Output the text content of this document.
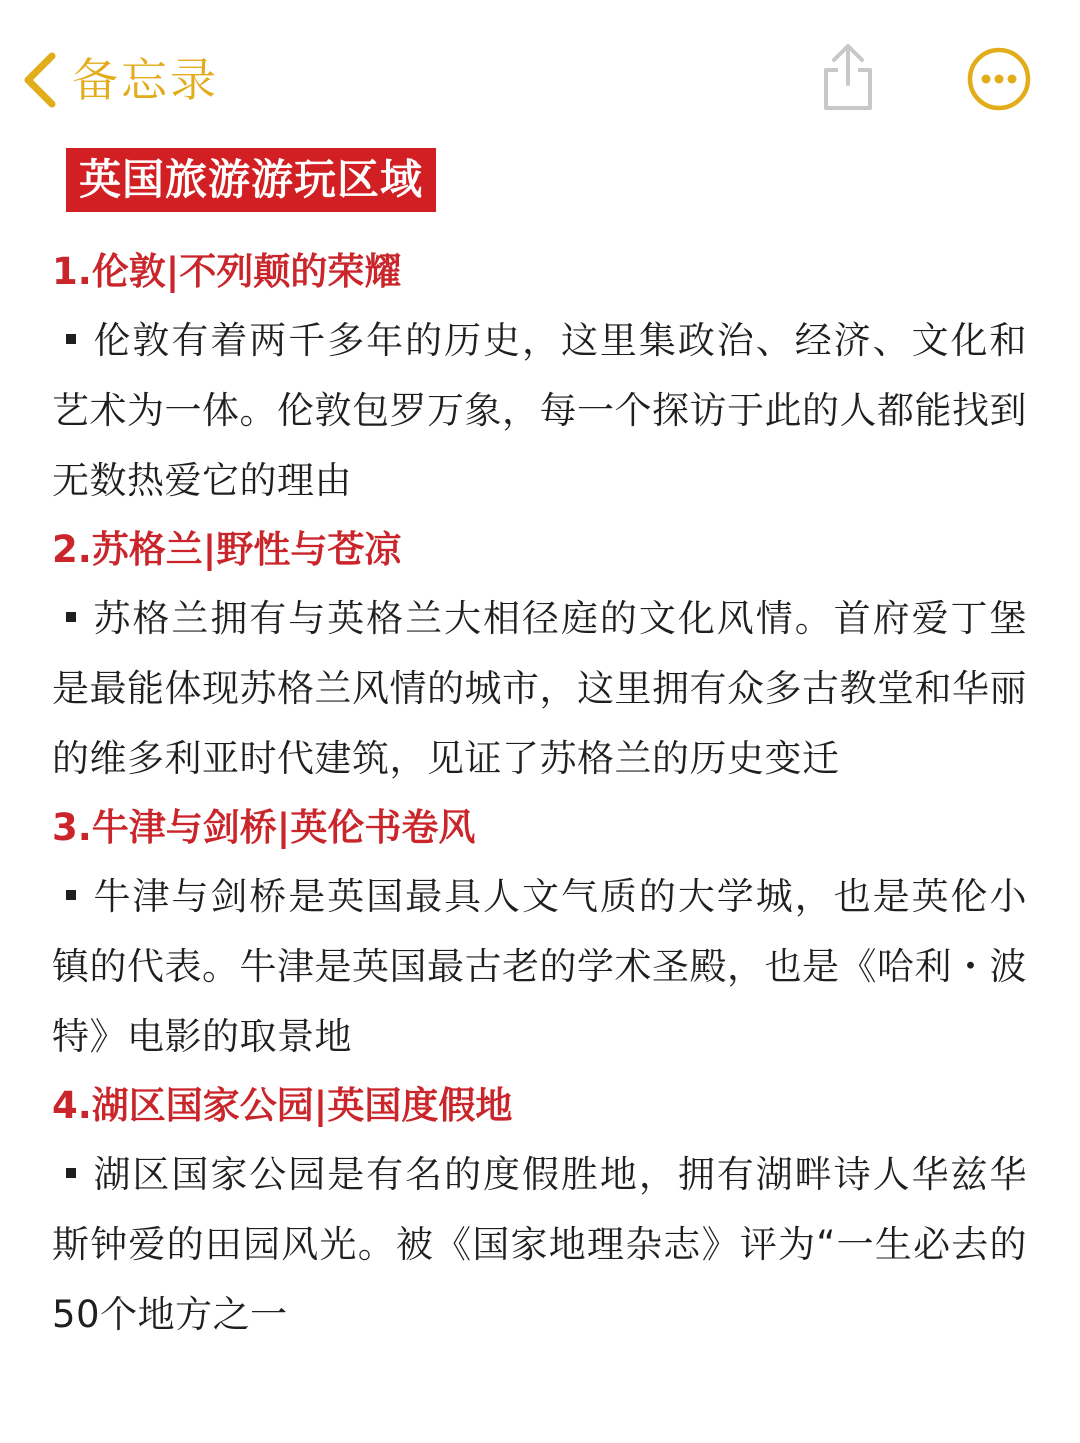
备忘录
英国旅游游玩区域
1.伦敦|不列颠的荣耀
伦敦有着两千多年的历史，这里集政治、经济、文化和艺术为一体。伦敦包罗万象，每一个探访于此的人都能找到无数热爱它的理由
2.苏格兰|野性与苍凉
苏格兰拥有与英格兰大相径庭的文化风情。首府爱丁堡是最能体现苏格兰风情的城市，这里拥有众多古教堂和华丽的维多利亚时代建筑，见证了苏格兰的历史变迁
3.牛津与剑桥|英伦书卷风
牛津与剑桥是英国最具人文气质的大学城，也是英伦小镇的代表。牛津是英国最古老的学术圣殿，也是《哈利・波特》电影的取景地
4.湖区国家公园|英国度假地
湖区国家公园是有名的度假胜地，拥有湖畔诗人华兹华斯钟爱的田园风光。被《国家地理杂志》评为“一生必去的50个地方之一
